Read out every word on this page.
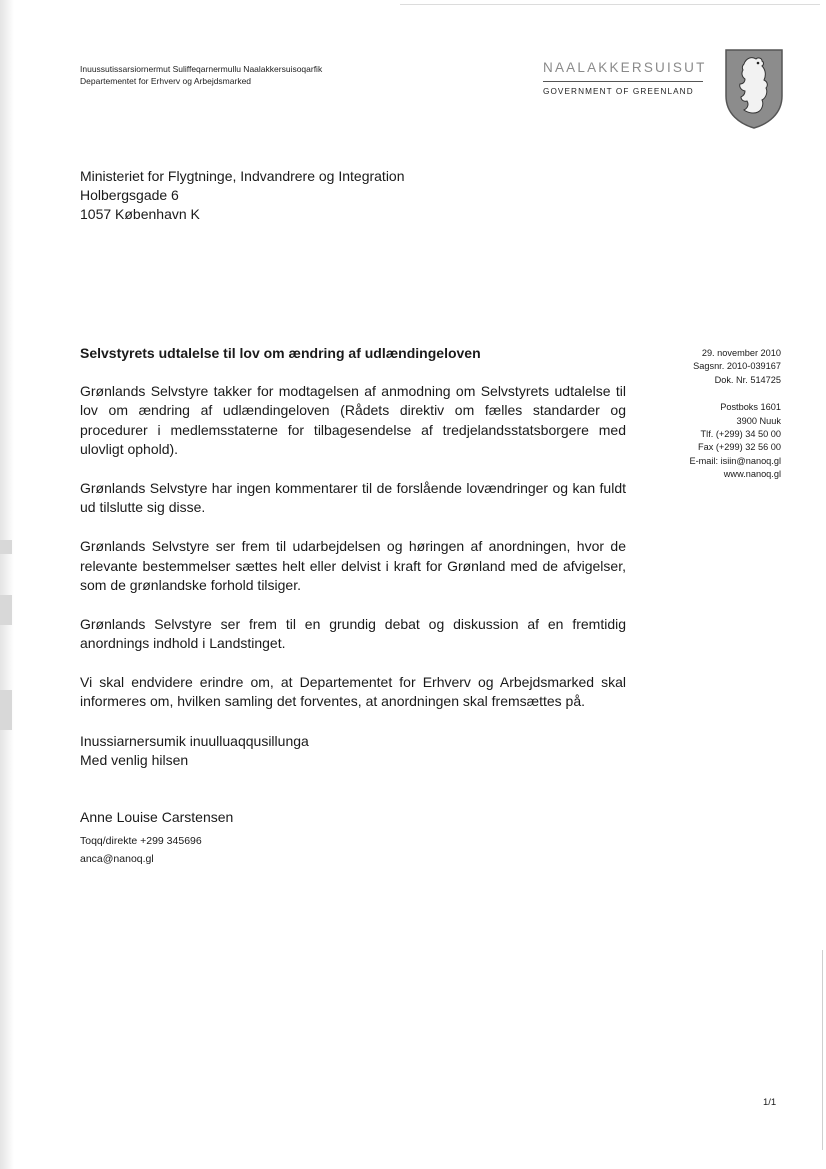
Inuussutissarsiornermut Suliffeqarnermullu Naalakkersuisoqarfik
Departementet for Erhverv og Arbejdsmarked
NAALAKKERSUISUT
GOVERNMENT OF GREENLAND
Ministeriet for Flygtninge, Indvandrere og Integration
Holbergsgade 6
1057 København K
Selvstyrets udtalelse til lov om ændring af udlændingeloven	29. november 2010
Sagsnr. 2010-039167
Dok. Nr. 514725
Postboks 1601
3900 Nuuk
Tlf. (+299) 34 50 00
Fax (+299) 32 56 00
E-mail: isiin@nanoq.gl
www.nanoq.gl

Grønlands Selvstyre takker for modtagelsen af anmodning om Selvstyrets udtalelse til lov om ændring af udlændingeloven (Rådets direktiv om fælles standarder og procedurer i medlemsstaterne for tilbagesendelse af tredjelandsstatsborgere med ulovligt ophold).

Grønlands Selvstyre har ingen kommentarer til de forslående lovændringer og kan fuldt ud tilslutte sig disse.

Grønlands Selvstyre ser frem til udarbejdelsen og høringen af anordningen, hvor de relevante bestemmelser sættes helt eller delvist i kraft for Grønland med de afvigelser, som de grønlandske forhold tilsiger.

Grønlands Selvstyre ser frem til en grundig debat og diskussion af en fremtidig anordnings indhold i Landstinget.

Vi skal endvidere erindre om, at Departementet for Erhverv og Arbejdsmarked skal informeres om, hvilken samling det forventes, at anordningen skal fremsættes på.

Inussiarnersumik inuulluaqqusillunga
Med venlig hilsen
Anne Louise Carstensen
Toqq/direkte +299 345696
anca@nanoq.gl
1/1
